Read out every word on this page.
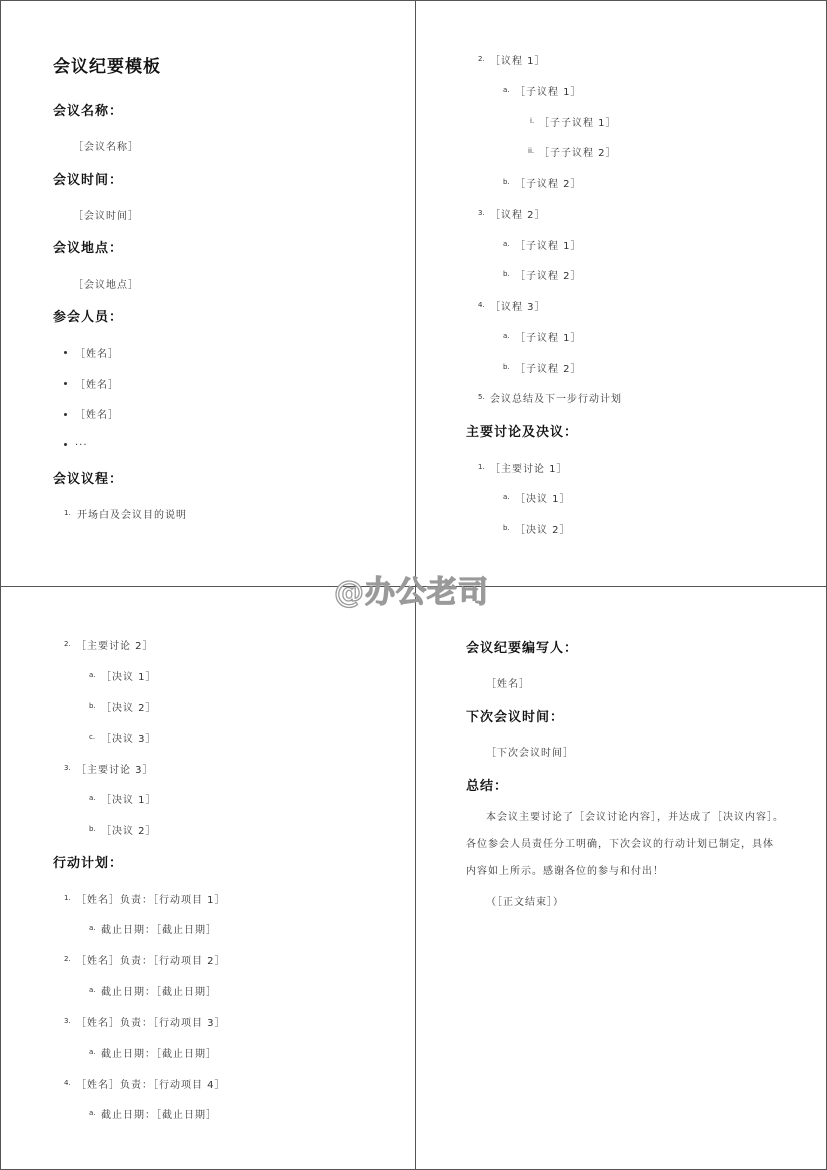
会议纪要模板
会议名称：
［会议名称］
会议时间：
［会议时间］
会议地点：
［会议地点］
参会人员：
［姓名］
［姓名］
［姓名］
...
会议议程：
1. 开场白及会议目的说明
2. ［议程 1］
a. ［子议程 1］
i. ［子子议程 1］
ii. ［子子议程 2］
b. ［子议程 2］
3. ［议程 2］
a. ［子议程 1］
b. ［子议程 2］
4. ［议程 3］
a. ［子议程 1］
b. ［子议程 2］
5. 会议总结及下一步行动计划
主要讨论及决议：
1. ［主要讨论 1］
a. ［决议 1］
b. ［决议 2］
2. ［主要讨论 2］
a. ［决议 1］
b. ［决议 2］
c. ［决议 3］
3. ［主要讨论 3］
a. ［决议 1］
b. ［决议 2］
行动计划：
1. ［姓名］负责：［行动项目 1］
a. 截止日期：［截止日期］
2. ［姓名］负责：［行动项目 2］
a. 截止日期：［截止日期］
3. ［姓名］负责：［行动项目 3］
a. 截止日期：［截止日期］
4. ［姓名］负责：［行动项目 4］
a. 截止日期：［截止日期］
会议纪要编写人：
［姓名］
下次会议时间：
［下次会议时间］
总结：
本会议主要讨论了［会议讨论内容］，并达成了［决议内容］。各位参会人员责任分工明确，下次会议的行动计划已制定，具体内容如上所示。感谢各位的参与和付出！
（［正文结束］）
@办公老司
